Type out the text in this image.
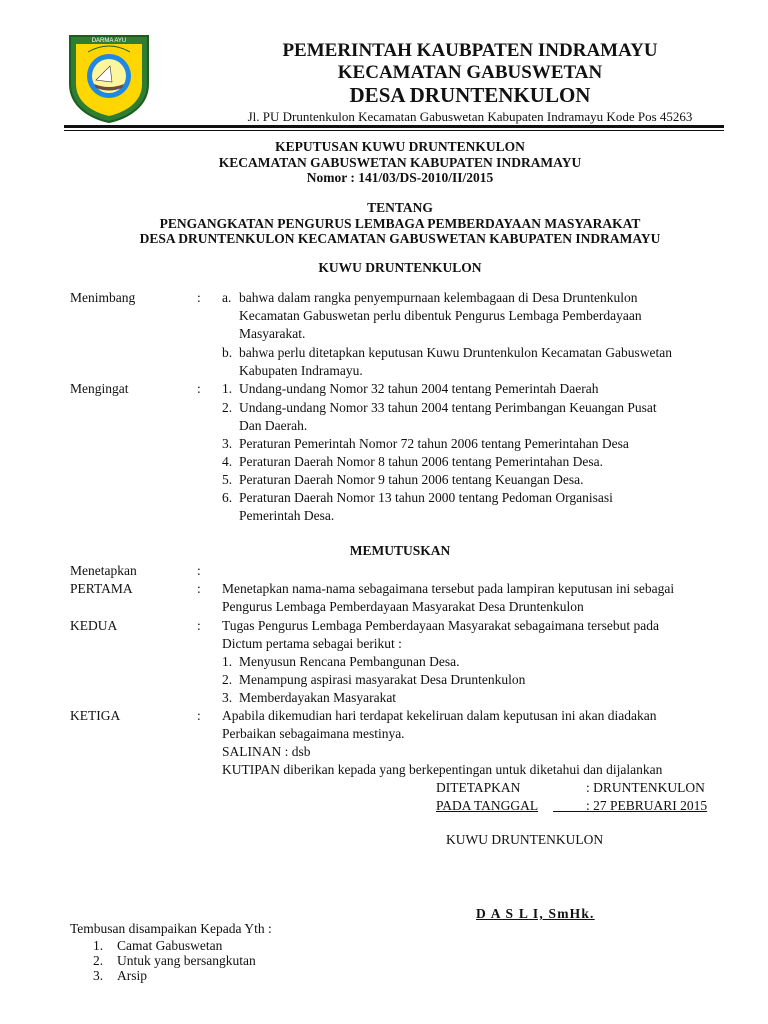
DARMA AYU	PEMERINTAH KAUBPATEN INDRAMAYU
KECAMATAN GABUSWETAN
DESA DRUNTENKULON
Jl. PU Druntenkulon Kecamatan Gabuswetan Kabupaten Indramayu Kode Pos 45263
KEPUTUSAN KUWU DRUNTENKULON
KECAMATAN GABUSWETAN KABUPATEN INDRAMAYU
Nomor : 141/03/DS-2010/II/2015
TENTANG
PENGANGKATAN PENGURUS LEMBAGA PEMBERDAYAAN MASYARAKAT
DESA DRUNTENKULON KECAMATAN GABUSWETAN KABUPATEN INDRAMAYU
KUWU DRUNTENKULON
Menimbang	: a. bahwa dalam rangka penyempurnaan kelembagaan di Desa Druntenkulon
Kecamatan Gabuswetan perlu dibentuk Pengurus Lembaga Pemberdayaan
Masyarakat.
b. bahwa perlu ditetapkan keputusan Kuwu Druntenkulon Kecamatan Gabuswetan
Kabupaten Indramayu.
Mengingat	: 1. Undang-undang Nomor 32 tahun 2004 tentang Pemerintah Daerah
2. Undang-undang Nomor 33 tahun 2004 tentang Perimbangan Keuangan Pusat
Dan Daerah.
3. Peraturan Pemerintah Nomor 72 tahun 2006 tentang Pemerintahan Desa
4. Peraturan Daerah Nomor 8 tahun 2006 tentang Pemerintahan Desa.
5. Peraturan Daerah Nomor 9 tahun 2006 tentang Keuangan Desa.
6. Peraturan Daerah Nomor 13 tahun 2000 tentang Pedoman Organisasi
Pemerintah Desa.
MEMUTUSKAN
Menetapkan	:
PERTAMA	: Menetapkan nama-nama sebagaimana tersebut pada lampiran keputusan ini sebagai
Pengurus Lembaga Pemberdayaan Masyarakat Desa Druntenkulon
KEDUA	: Tugas Pengurus Lembaga Pemberdayaan Masyarakat sebagaimana tersebut pada
Dictum pertama sebagai berikut :
1. Menyusun Rencana Pembangunan Desa.
2. Menampung aspirasi masyarakat Desa Druntenkulon
3. Memberdayakan Masyarakat
KETIGA	: Apabila dikemudian hari terdapat kekeliruan dalam keputusan ini akan diadakan
Perbaikan sebagaimana mestinya.
SALINAN : dsb
KUTIPAN diberikan kepada yang berkepentingan untuk diketahui dan dijalankan
DITETAPKAN	: DRUNTENKULON
PADA TANGGAL	: 27 PEBRUARI 2015
KUWU DRUNTENKULON
D A S L I, SmHk.
Tembusan disampaikan Kepada Yth :
1. Camat Gabuswetan
2. Untuk yang bersangkutan
3. Arsip
